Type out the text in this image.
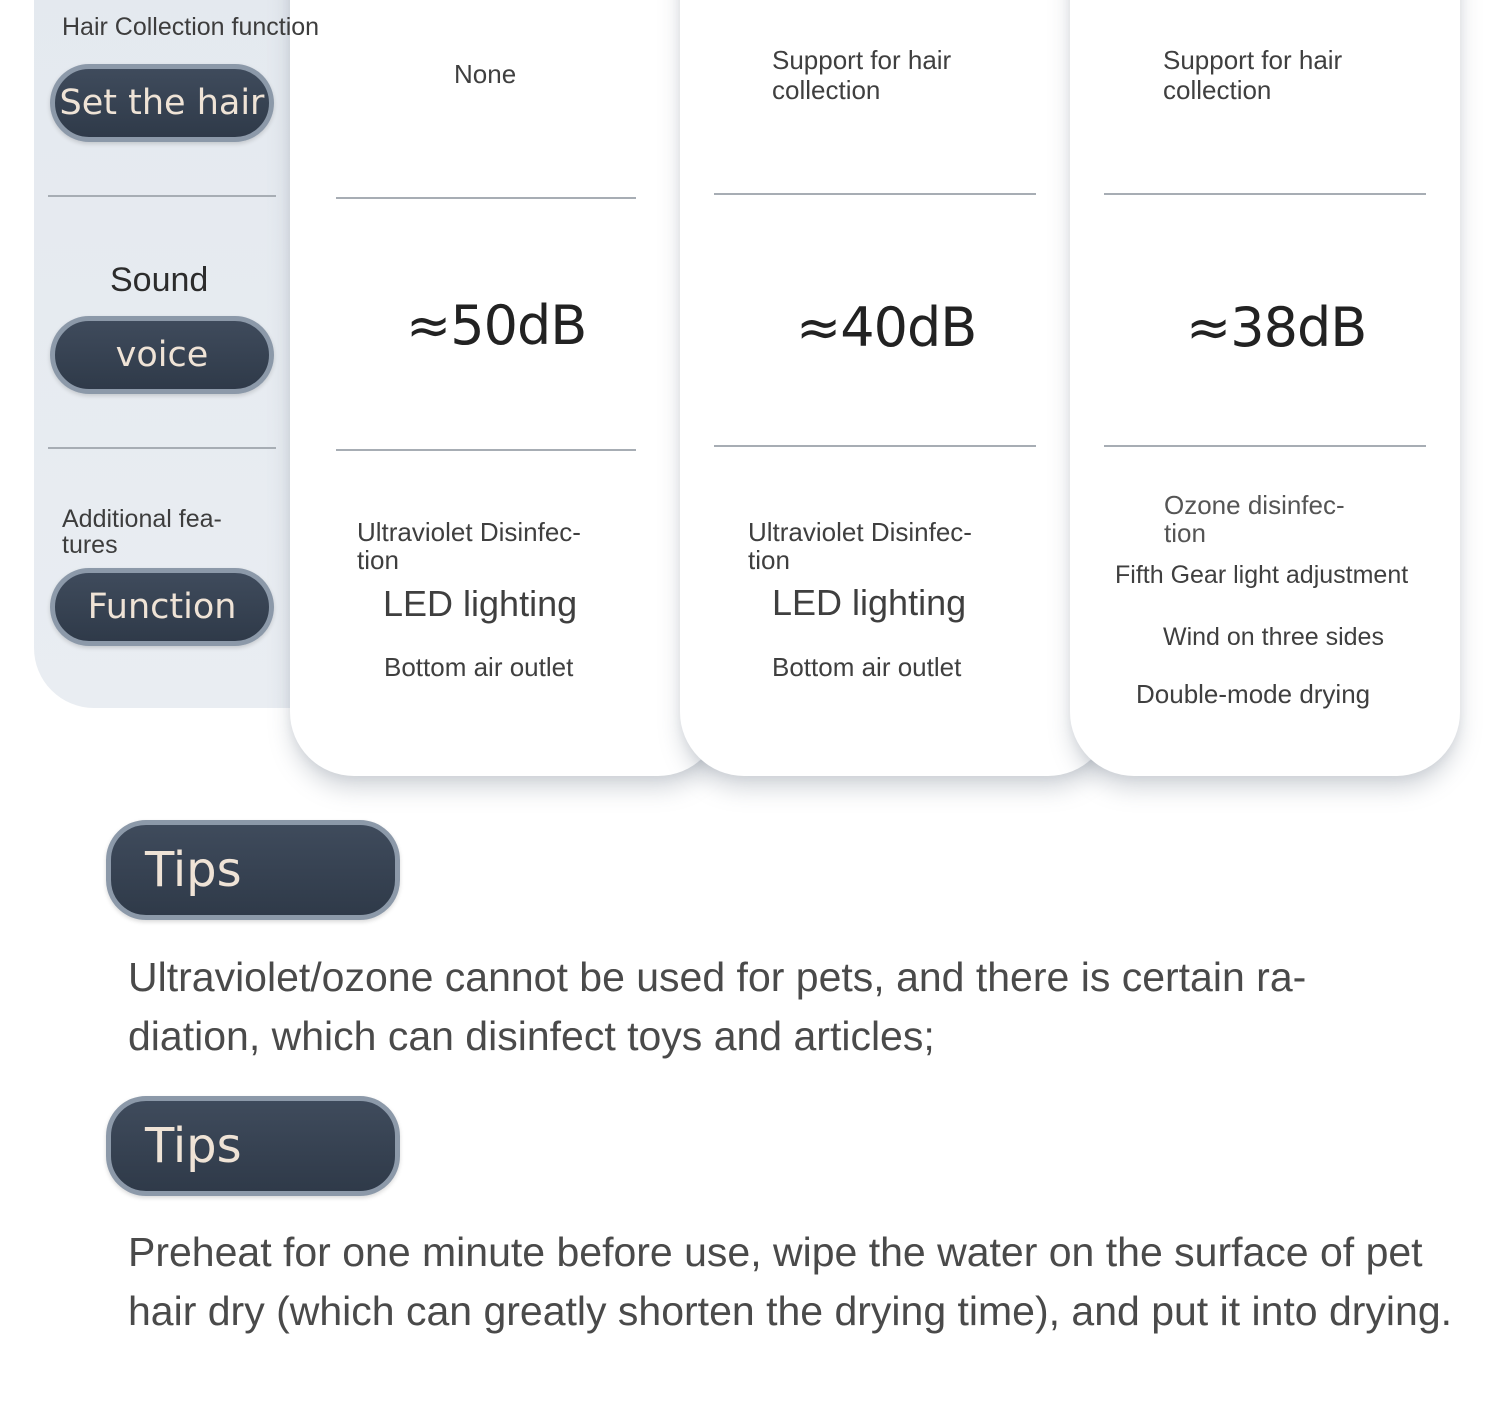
Hair Collection function
Set the hair
Sound
voice
Additional fea-
tures
Function
None
≈50dB
Ultraviolet Disinfec-
tion
LED lighting
Bottom air outlet
Support for hair
collection
≈40dB
Ultraviolet Disinfec-
tion
LED lighting
Bottom air outlet
Support for hair
collection
≈38dB
Ozone disinfec-
tion
Fifth Gear light adjustment
Wind on three sides
Double-mode drying
Tips
Ultraviolet/ozone cannot be used for pets, and there is certain ra-
diation, which can disinfect toys and articles;
Tips
Preheat for one minute before use, wipe the water on the surface of pet
hair dry (which can greatly shorten the drying time), and put it into drying.
